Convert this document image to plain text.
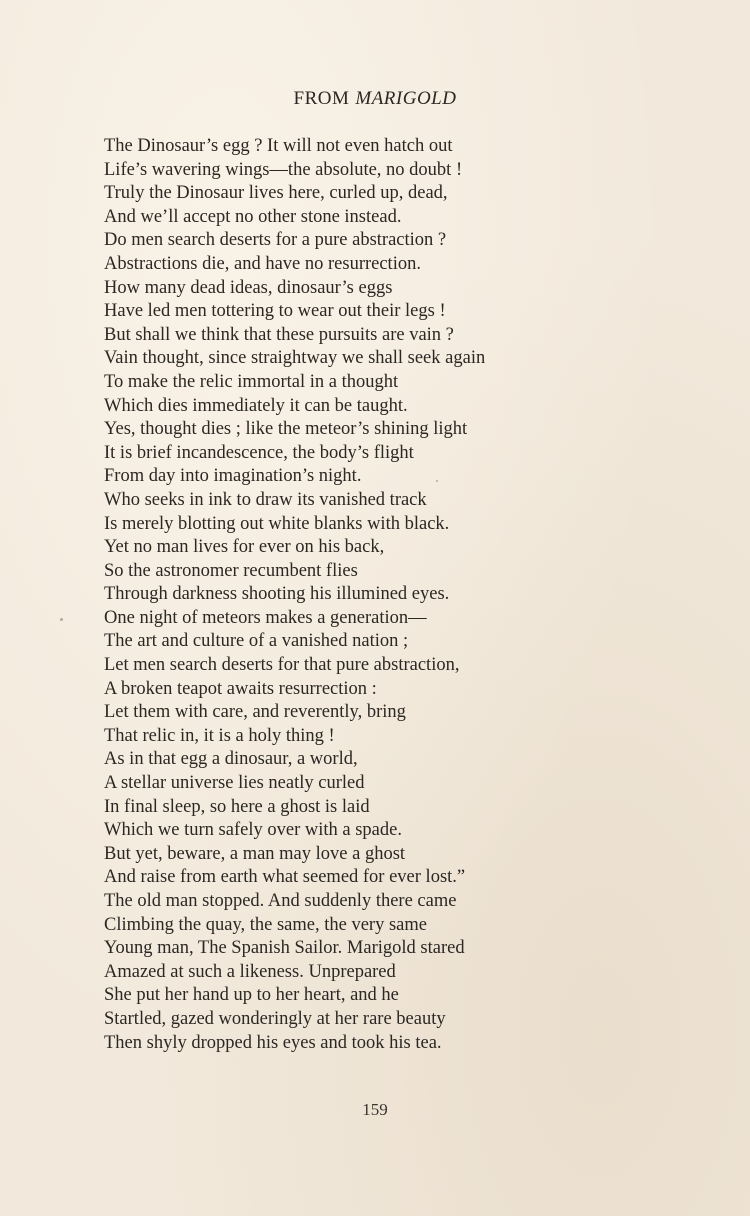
FROM MARIGOLD
The Dinosaur’s egg ? It will not even hatch out
Life’s wavering wings—the absolute, no doubt !
Truly the Dinosaur lives here, curled up, dead,
And we’ll accept no other stone instead.
Do men search deserts for a pure abstraction ?
Abstractions die, and have no resurrection.
How many dead ideas, dinosaur’s eggs
Have led men tottering to wear out their legs !
But shall we think that these pursuits are vain ?
Vain thought, since straightway we shall seek again
To make the relic immortal in a thought
Which dies immediately it can be taught.
Yes, thought dies ; like the meteor’s shining light
It is brief incandescence, the body’s flight
From day into imagination’s night.
Who seeks in ink to draw its vanished track
Is merely blotting out white blanks with black.
Yet no man lives for ever on his back,
So the astronomer recumbent flies
Through darkness shooting his illumined eyes.
One night of meteors makes a generation—
The art and culture of a vanished nation ;
Let men search deserts for that pure abstraction,
A broken teapot awaits resurrection :
Let them with care, and reverently, bring
That relic in, it is a holy thing !
As in that egg a dinosaur, a world,
A stellar universe lies neatly curled
In final sleep, so here a ghost is laid
Which we turn safely over with a spade.
But yet, beware, a man may love a ghost
And raise from earth what seemed for ever lost.”
The old man stopped. And suddenly there came
Climbing the quay, the same, the very same
Young man, The Spanish Sailor. Marigold stared
Amazed at such a likeness. Unprepared
She put her hand up to her heart, and he
Startled, gazed wonderingly at her rare beauty
Then shyly dropped his eyes and took his tea.
159
